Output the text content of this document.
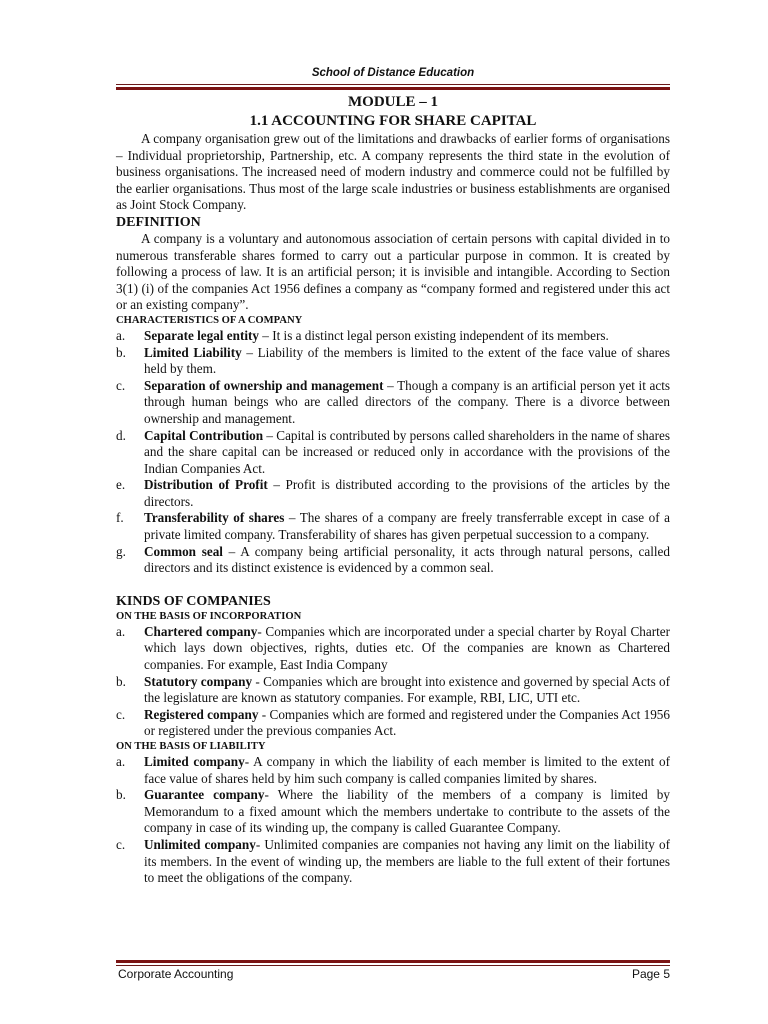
School of Distance Education
MODULE – 1
1.1 ACCOUNTING FOR SHARE CAPITAL

A company organisation grew out of the limitations and drawbacks of earlier forms of organisations – Individual proprietorship, Partnership, etc. A company represents the third state in the evolution of business organisations. The increased need of modern industry and commerce could not be fulfilled by the earlier organisations. Thus most of the large scale industries or business establishments are organised as Joint Stock Company.

DEFINITION

A company is a voluntary and autonomous association of certain persons with capital divided in to numerous transferable shares formed to carry out a particular purpose in common. It is created by following a process of law. It is an artificial person; it is invisible and intangible. According to Section 3(1) (i) of the companies Act 1956 defines a company as “company formed and registered under this act or an existing company”.

CHARACTERISTICS OF A COMPANY
a. Separate legal entity – It is a distinct legal person existing independent of its members.
b. Limited Liability – Liability of the members is limited to the extent of the face value of shares held by them.
c. Separation of ownership and management – Though a company is an artificial person yet it acts through human beings who are called directors of the company. There is a divorce between ownership and management.
d. Capital Contribution – Capital is contributed by persons called shareholders in the name of shares and the share capital can be increased or reduced only in accordance with the provisions of the Indian Companies Act.
e. Distribution of Profit – Profit is distributed according to the provisions of the articles by the directors.
f. Transferability of shares – The shares of a company are freely transferrable except in case of a private limited company. Transferability of shares has given perpetual succession to a company.
g. Common seal – A company being artificial personality, it acts through natural persons, called directors and its distinct existence is evidenced by a common seal.
KINDS OF COMPANIES
ON THE BASIS OF INCORPORATION
a. Chartered company- Companies which are incorporated under a special charter by Royal Charter which lays down objectives, rights, duties etc. Of the companies are known as Chartered companies. For example, East India Company
b. Statutory company - Companies which are brought into existence and governed by special Acts of the legislature are known as statutory companies. For example, RBI, LIC, UTI etc.
c. Registered company - Companies which are formed and registered under the Companies Act 1956 or registered under the previous companies Act.
ON THE BASIS OF LIABILITY
a. Limited company- A company in which the liability of each member is limited to the extent of face value of shares held by him such company is called companies limited by shares.
b. Guarantee company- Where the liability of the members of a company is limited by Memorandum to a fixed amount which the members undertake to contribute to the assets of the company in case of its winding up, the company is called Guarantee Company.
c. Unlimited company- Unlimited companies are companies not having any limit on the liability of its members. In the event of winding up, the members are liable to the full extent of their fortunes to meet the obligations of the company.
Corporate Accounting	Page 5
